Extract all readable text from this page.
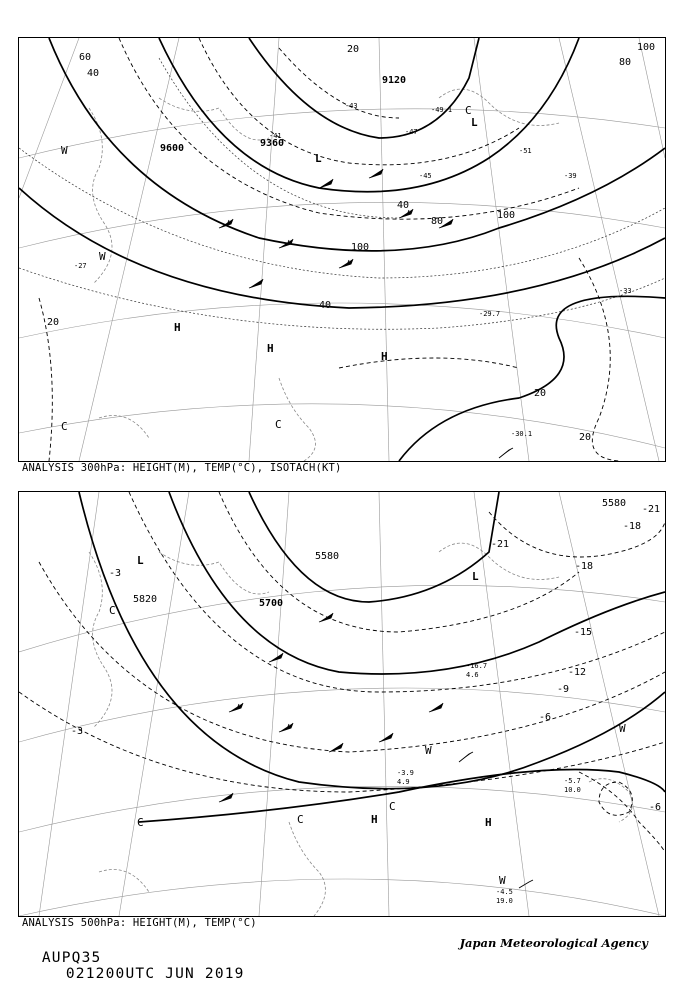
9120
9360
9600
20
20
20
20
40
40
40
60	80
80
100
100
100
-27
-29.7
-30.1
-33
-39
-41
-43
-45
-47
-49.1
-51
H
H
H
L
L
C	C
C
W
W
ANALYSIS 300hPa: HEIGHT(M), TEMP(°C), ISOTACH(KT)
5580
5580
5700
5820
-3
-3
-6
-6
-9
-12
-15
-18
-18
-21
-21
-4.5
19.0
-5.7
10.0
-3.9
4.9
-16.7
4.6
H	H
L
L
C	C
C
C
W
W
W
ANALYSIS 500hPa: HEIGHT(M), TEMP(°C)

AUPQ35
021200UTC JUN 2019

Japan Meteorological Agency
